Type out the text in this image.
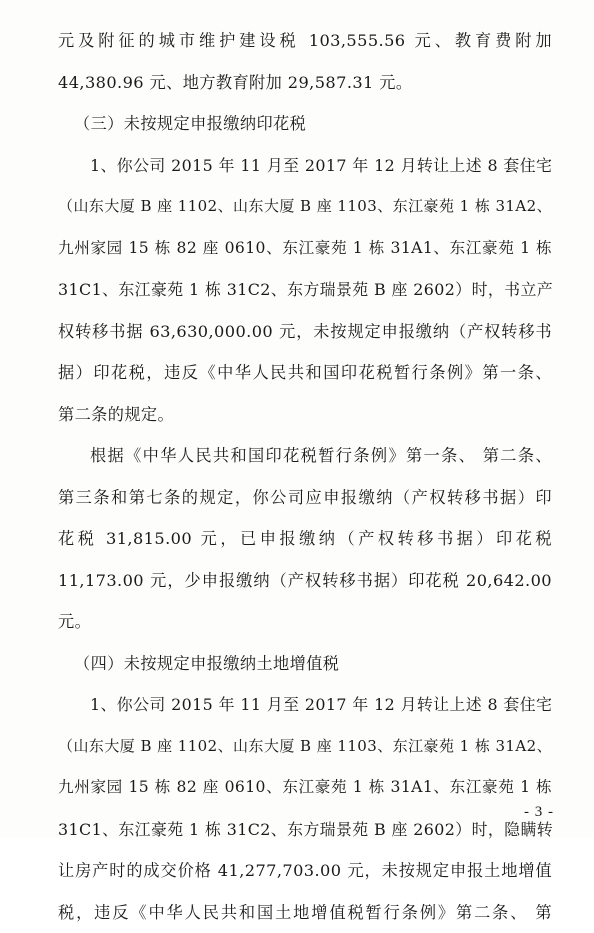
元及附征的城市维护建设税 103,555.56 元、教育费附加
44,380.96 元、地方教育附加 29,587.31 元。
（三）未按规定申报缴纳印花税
1、你公司 2015 年 11 月至 2017 年 12 月转让上述 8 套住宅
（山东大厦 B 座 1102、山东大厦 B 座 1103、东江豪苑 1 栋 31A2、
九州家园 15 栋 82 座 0610、东江豪苑 1 栋 31A1、东江豪苑 1 栋
31C1、东江豪苑 1 栋 31C2、东方瑞景苑 B 座 2602）时，书立产
权转移书据 63,630,000.00 元，未按规定申报缴纳（产权转移书
据）印花税，违反《中华人民共和国印花税暂行条例》第一条、
第二条的规定。
根据《中华人民共和国印花税暂行条例》第一条、 第二条、
第三条和第七条的规定，你公司应申报缴纳（产权转移书据）印
花税 31,815.00 元，已申报缴纳（产权转移书据）印花税
11,173.00 元，少申报缴纳（产权转移书据）印花税 20,642.00
元。
（四）未按规定申报缴纳土地增值税
1、你公司 2015 年 11 月至 2017 年 12 月转让上述 8 套住宅
（山东大厦 B 座 1102、山东大厦 B 座 1103、东江豪苑 1 栋 31A2、
九州家园 15 栋 82 座 0610、东江豪苑 1 栋 31A1、东江豪苑 1 栋
31C1、东江豪苑 1 栋 31C2、东方瑞景苑 B 座 2602）时，隐瞒转
让房产时的成交价格 41,277,703.00 元，未按规定申报土地增值
税，违反《中华人民共和国土地增值税暂行条例》第二条、 第
- 3 -
